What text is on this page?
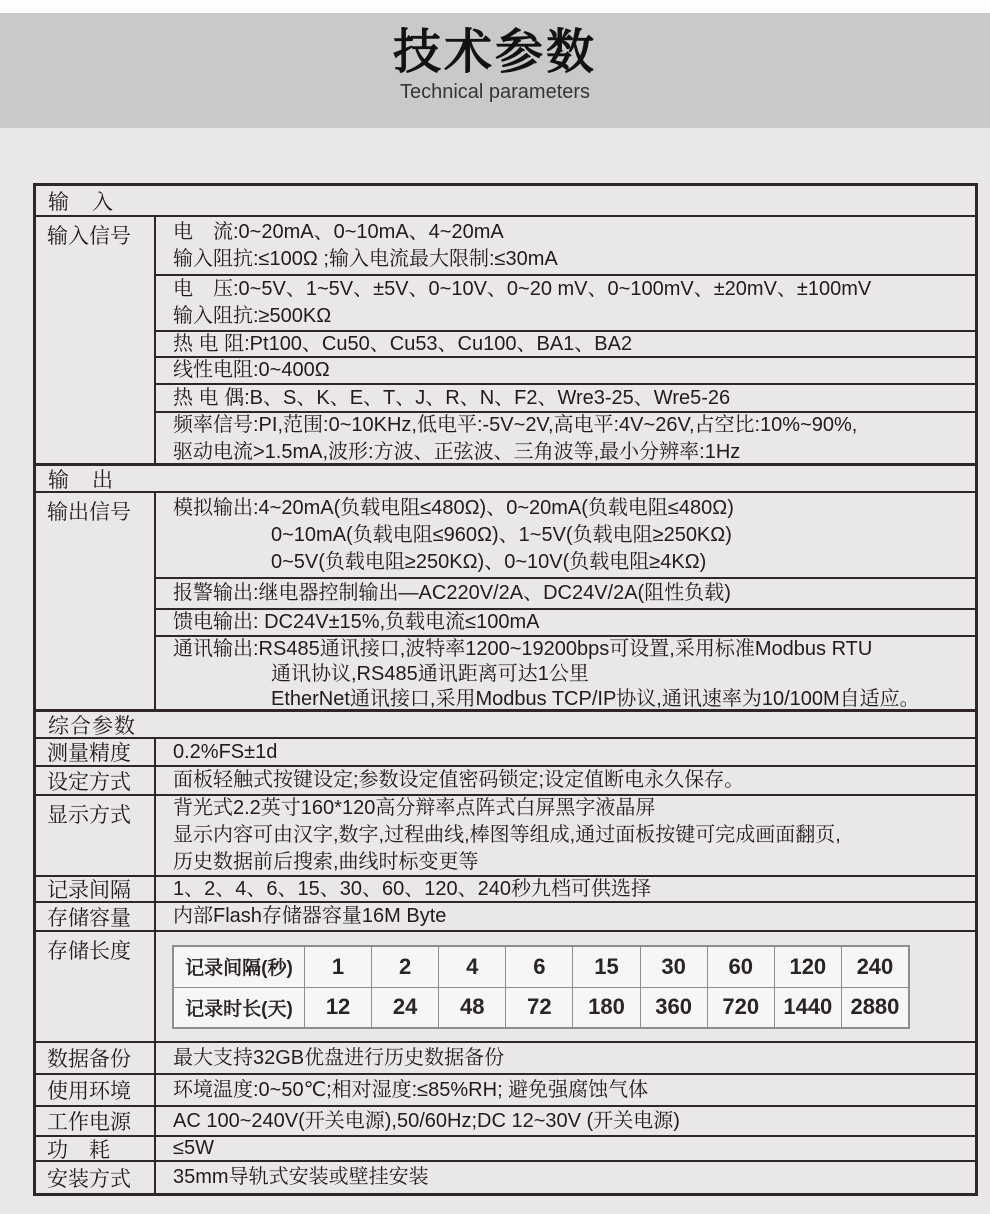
技术参数
Technical parameters
输　入
输入信号	电　流:0~20mA、0~10mA、4~20mA
输入阻抗:≤100Ω ;输入电流最大限制:≤30mA
电　压:0~5V、1~5V、±5V、0~10V、0~20 mV、0~100mV、±20mV、±100mV
输入阻抗:≥500KΩ
热 电 阻:Pt100、Cu50、Cu53、Cu100、BA1、BA2
线性电阻:0~400Ω
热 电 偶:B、S、K、E、T、J、R、N、F2、Wre3-25、Wre5-26
频率信号:PI,范围:0~10KHz,低电平:-5V~2V,高电平:4V~26V,占空比:10%~90%,
驱动电流>1.5mA,波形:方波、正弦波、三角波等,最小分辨率:1Hz
输　出
输出信号	模拟输出:4~20mA(负载电阻≤480Ω)、0~20mA(负载电阻≤480Ω)
0~10mA(负载电阻≤960Ω)、1~5V(负载电阻≥250KΩ)
0~5V(负载电阻≥250KΩ)、0~10V(负载电阻≥4KΩ)
报警输出:继电器控制输出—AC220V/2A、DC24V/2A(阻性负载)
馈电输出: DC24V±15%,负载电流≤100mA
通讯输出:RS485通讯接口,波特率1200~19200bps可设置,采用标准Modbus RTU
通讯协议,RS485通讯距离可达1公里
EtherNet通讯接口,采用Modbus TCP/IP协议,通讯速率为10/100M自适应。
综合参数
测量精度	0.2%FS±1d
设定方式	面板轻触式按键设定;参数设定值密码锁定;设定值断电永久保存。
显示方式	背光式2.2英寸160*120高分辩率点阵式白屏黑字液晶屏
显示内容可由汉字,数字,过程曲线,棒图等组成,通过面板按键可完成画面翻页,
历史数据前后搜索,曲线时标变更等
记录间隔	1、2、4、6、15、30、60、120、240秒九档可供选择
存储容量	内部Flash存储器容量16M Byte
存储长度
记录间隔(秒)	1	2	4	6	15	30	60	120	240
记录时长(天)	12	24	48	72	180	360	720	1440 2880
数据备份	最大支持32GB优盘进行历史数据备份
使用环境	环境温度:0~50℃;相对湿度:≤85%RH; 避免强腐蚀气体
工作电源	AC 100~240V(开关电源),50/60Hz;DC 12~30V (开关电源)
功　耗	≤5W
安装方式	35mm导轨式安装或壁挂安装
